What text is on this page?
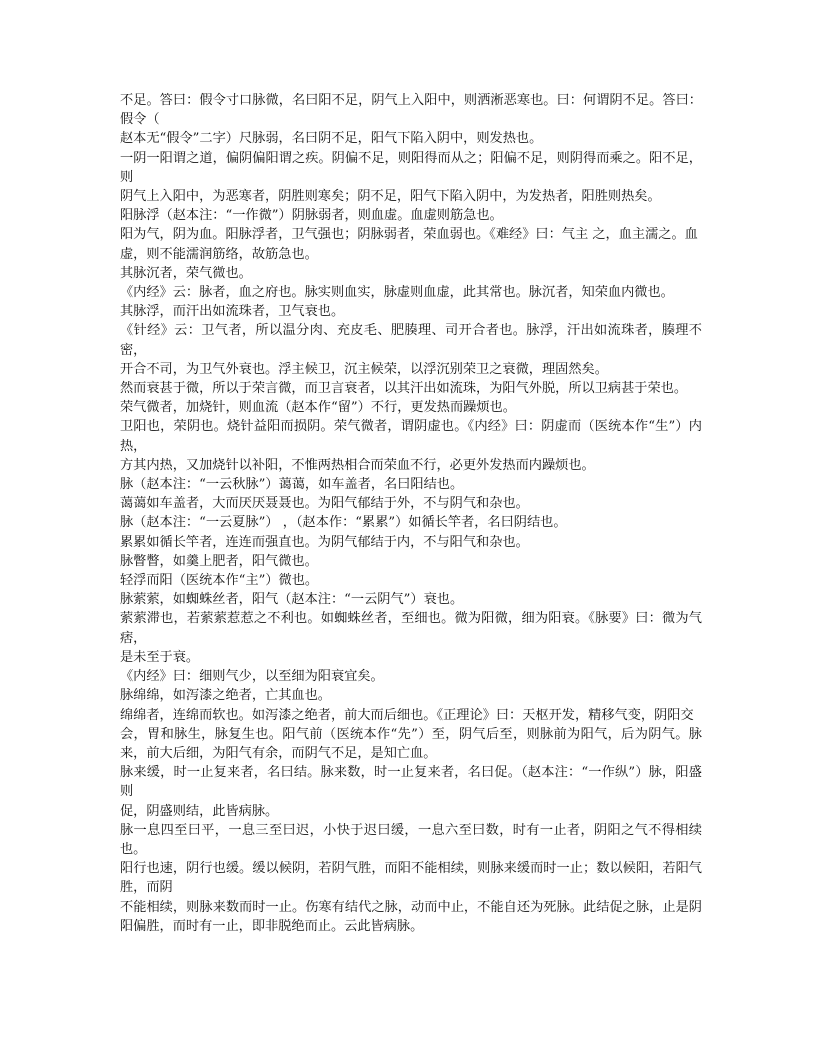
不足。答曰：假令寸口脉微，名曰阳不足，阴气上入阳中，则洒淅恶寒也。曰：何谓阴不足。答曰：假令（

赵本无“假令”二字）尺脉弱，名曰阴不足，阳气下陷入阴中，则发热也。

一阴一阳谓之道，偏阴偏阳谓之疾。阴偏不足，则阳得而从之；阳偏不足，则阴得而乘之。阳不足，则

阴气上入阳中，为恶寒者，阴胜则寒矣；阴不足，阳气下陷入阴中，为发热者，阳胜则热矣。

阳脉浮（赵本注：“一作微”）阴脉弱者，则血虚。血虚则筋急也。

阳为气，阴为血。阳脉浮者，卫气强也；阴脉弱者，荣血弱也。《难经》曰：气主 之，血主濡之。血

虚，则不能濡润筋络，故筋急也。

其脉沉者，荣气微也。

《内经》云：脉者，血之府也。脉实则血实，脉虚则血虚，此其常也。脉沉者，知荣血内微也。

其脉浮，而汗出如流珠者，卫气衰也。

《针经》云：卫气者，所以温分肉、充皮毛、肥腠理、司开合者也。脉浮，汗出如流珠者，腠理不密，

开合不司，为卫气外衰也。浮主候卫，沉主候荣，以浮沉别荣卫之衰微，理固然矣。

然而衰甚于微，所以于荣言微，而卫言衰者，以其汗出如流珠，为阳气外脱，所以卫病甚于荣也。

荣气微者，加烧针，则血流（赵本作“留”）不行，更发热而躁烦也。

卫阳也，荣阴也。烧针益阳而损阴。荣气微者，谓阴虚也。《内经》曰：阴虚而（医统本作“生”）内热，

方其内热，又加烧针以补阳，不惟两热相合而荣血不行，必更外发热而内躁烦也。

脉（赵本注：“一云秋脉”）蔼蔼，如车盖者，名曰阳结也。

蔼蔼如车盖者，大而厌厌聂聂也。为阳气郁结于外，不与阴气和杂也。

脉（赵本注：“一云夏脉”） ，（赵本作：“累累”）如循长竿者，名曰阴结也。

累累如循长竿者，连连而强直也。为阴气郁结于内，不与阳气和杂也。

脉瞥瞥，如羹上肥者，阳气微也。

轻浮而阳（医统本作“主”）微也。

脉萦萦，如蜘蛛丝者，阳气（赵本注：“一云阴气”）衰也。

萦萦滞也，若萦萦惹惹之不利也。如蜘蛛丝者，至细也。微为阳微，细为阳衰。《脉要》曰：微为气痞，

是未至于衰。

《内经》曰：细则气少，以至细为阳衰宜矣。

脉绵绵，如泻漆之绝者，亡其血也。

绵绵者，连绵而软也。如泻漆之绝者，前大而后细也。《正理论》曰：天枢开发，精移气变，阴阳交

会，胃和脉生，脉复生也。阳气前（医统本作“先”）至，阴气后至，则脉前为阳气，后为阴气。脉来，前大后细，为阳气有余，而阴气不足，是知亡血。

脉来缓，时一止复来者，名曰结。脉来数，时一止复来者，名曰促。（赵本注：“一作纵”）脉，阳盛则

促，阴盛则结，此皆病脉。

脉一息四至曰平，一息三至曰迟，小快于迟曰缓，一息六至曰数，时有一止者，阴阳之气不得相续也。

阳行也速，阴行也缓。缓以候阴，若阴气胜，而阳不能相续，则脉来缓而时一止；数以候阳，若阳气胜，而阴

不能相续，则脉来数而时一止。伤寒有结代之脉，动而中止，不能自还为死脉。此结促之脉，止是阴阳偏胜，而时有一止，即非脱绝而止。云此皆病脉。
